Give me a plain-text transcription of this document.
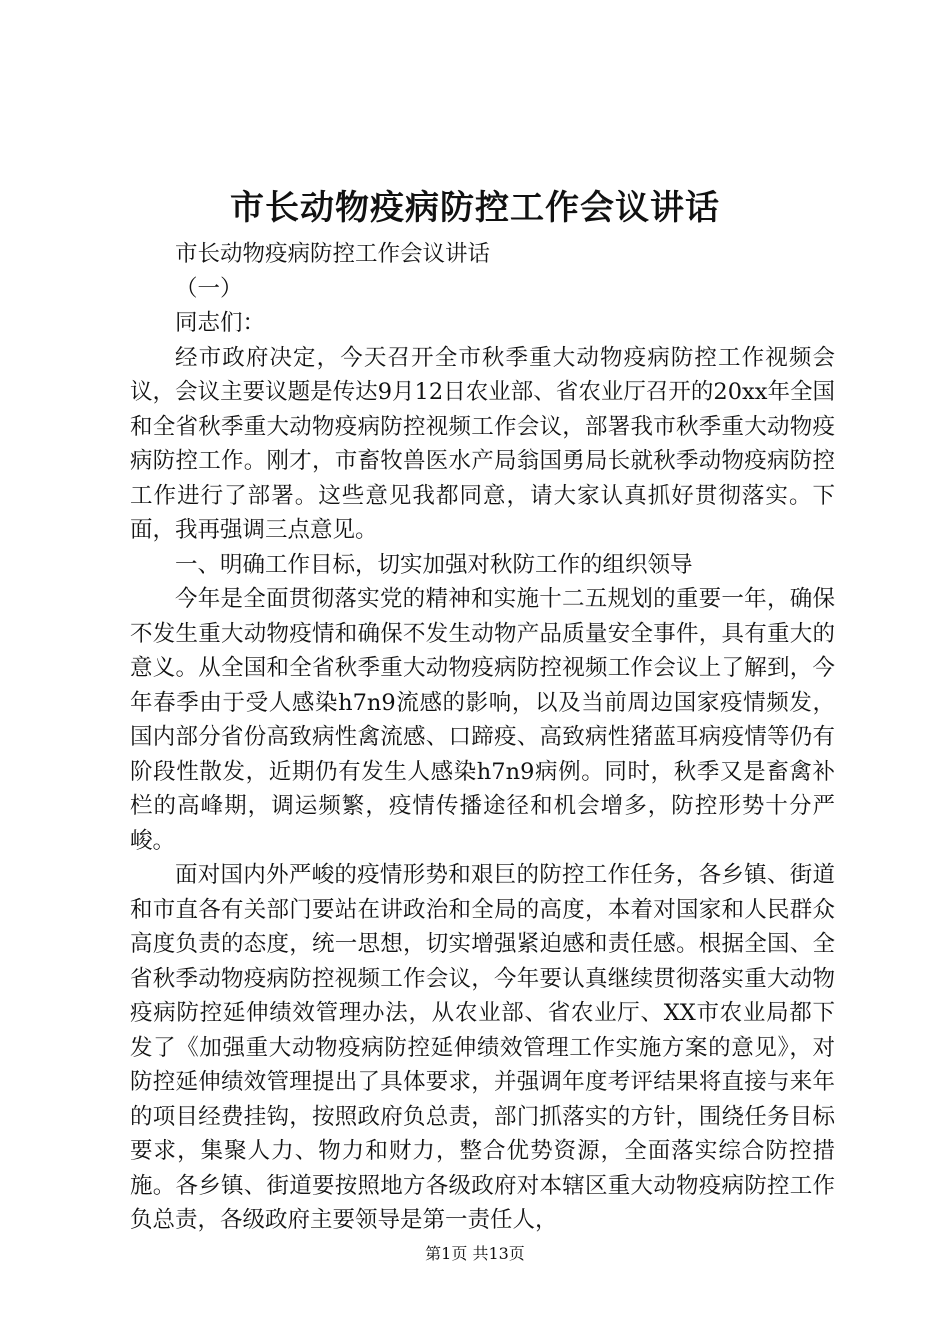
市长动物疫病防控工作会议讲话

市长动物疫病防控工作会议讲话

（一）

同志们：

经市政府决定，今天召开全市秋季重大动物疫病防控工作视频会议，会议主要议题是传达9月12日农业部、省农业厅召开的20xx年全国和全省秋季重大动物疫病防控视频工作会议，部署我市秋季重大动物疫病防控工作。刚才，市畜牧兽医水产局翁国勇局长就秋季动物疫病防控工作进行了部署。这些意见我都同意，请大家认真抓好贯彻落实。下面，我再强调三点意见。

一、明确工作目标，切实加强对秋防工作的组织领导

今年是全面贯彻落实党的精神和实施十二五规划的重要一年，确保不发生重大动物疫情和确保不发生动物产品质量安全事件，具有重大的意义。从全国和全省秋季重大动物疫病防控视频工作会议上了解到，今年春季由于受人感染h7n9流感的影响，以及当前周边国家疫情频发，国内部分省份高致病性禽流感、口蹄疫、高致病性猪蓝耳病疫情等仍有阶段性散发，近期仍有发生人感染h7n9病例。同时，秋季又是畜禽补栏的高峰期，调运频繁，疫情传播途径和机会增多，防控形势十分严峻。

面对国内外严峻的疫情形势和艰巨的防控工作任务，各乡镇、街道和市直各有关部门要站在讲政治和全局的高度，本着对国家和人民群众高度负责的态度，统一思想，切实增强紧迫感和责任感。根据全国、全省秋季动物疫病防控视频工作会议，今年要认真继续贯彻落实重大动物疫病防控延伸绩效管理办法，从农业部、省农业厅、XX市农业局都下发了《加强重大动物疫病防控延伸绩效管理工作实施方案的意见》，对防控延伸绩效管理提出了具体要求，并强调年度考评结果将直接与来年的项目经费挂钩，按照政府负总责，部门抓落实的方针，围绕任务目标要求，集聚人力、物力和财力，整合优势资源，全面落实综合防控措施。各乡镇、街道要按照地方各级政府对本辖区重大动物疫病防控工作负总责，各级政府主要领导是第一责任人，

第1页 共13页
